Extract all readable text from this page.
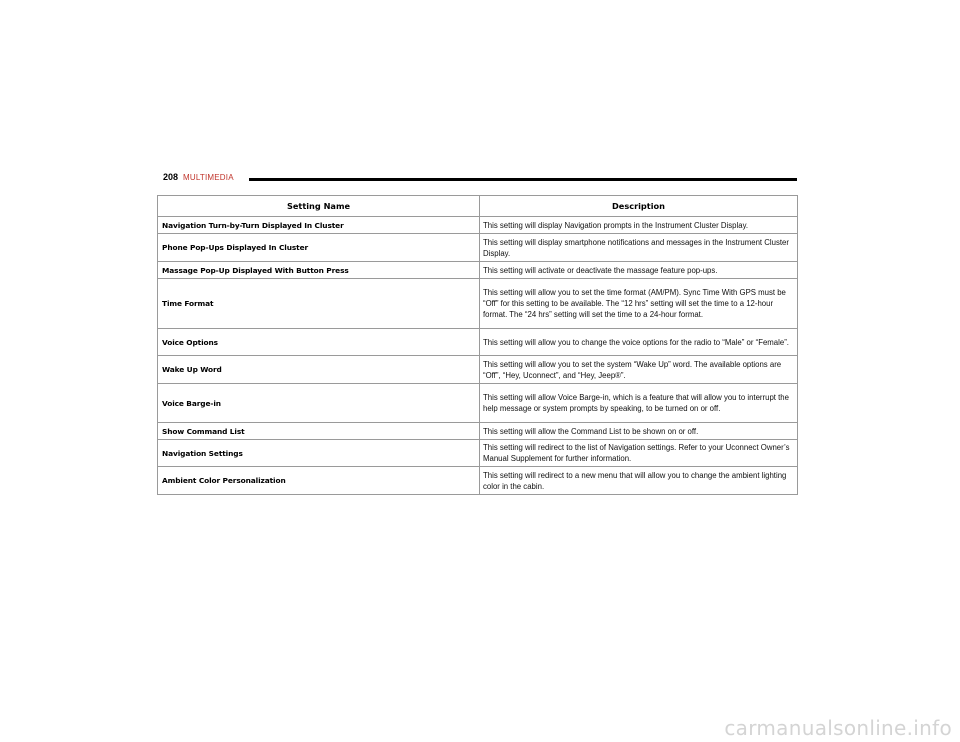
208 MULTIMEDIA
Setting Name	Description
Navigation Turn-by-Turn Displayed In Cluster	This setting will display Navigation prompts in the Instrument Cluster Display.
Phone Pop-Ups Displayed In Cluster	This setting will display smartphone notifications and messages in the Instrument Cluster Display.
Massage Pop-Up Displayed With Button Press	This setting will activate or deactivate the massage feature pop-ups.
Time Format	This setting will allow you to set the time format (AM/PM). Sync Time With GPS must be “Off” for this setting to be available. The “12 hrs” setting will set the time to a 12-hour format. The “24 hrs” setting will set the time to a 24-hour format.
Voice Options	This setting will allow you to change the voice options for the radio to “Male” or “Female”.
Wake Up Word	This setting will allow you to set the system “Wake Up” word. The available options are “Off”, “Hey, Uconnect”, and “Hey, Jeep®”.
Voice Barge-in	This setting will allow Voice Barge-in, which is a feature that will allow you to interrupt the help message or system prompts by speaking, to be turned on or off.
Show Command List	This setting will allow the Command List to be shown on or off.
Navigation Settings	This setting will redirect to the list of Navigation settings. Refer to your Uconnect Owner’s Manual Supplement for further information.
Ambient Color Personalization	This setting will redirect to a new menu that will allow you to change the ambient lighting color in the cabin.
carmanualsonline.info
